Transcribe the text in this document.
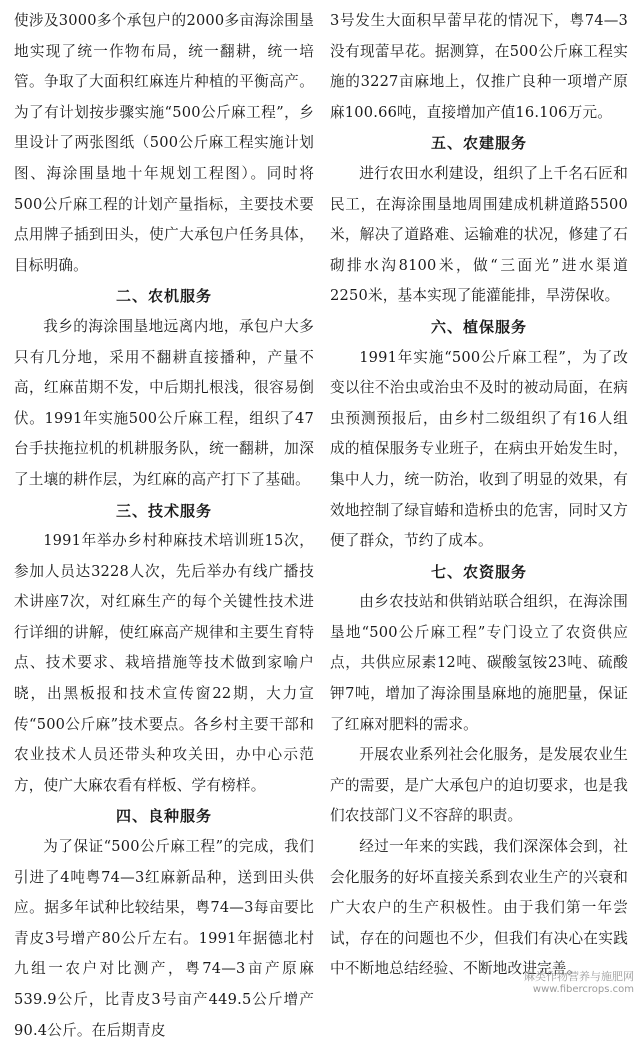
使涉及3000多个承包户的2000多亩海涂围垦地实现了统一作物布局，统一翻耕，统一培管。争取了大面积红麻连片种植的平衡高产。为了有计划按步骤实施“500公斤麻工程”，乡里设计了两张图纸（500公斤麻工程实施计划图、海涂围垦地十年规划工程图）。同时将500公斤麻工程的计划产量指标，主要技术要点用牌子插到田头，使广大承包户任务具体，目标明确。

二、农机服务

我乡的海涂围垦地远离内地，承包户大多只有几分地，采用不翻耕直接播种，产量不高，红麻苗期不发，中后期扎根浅，很容易倒伏。1991年实施500公斤麻工程，组织了47台手扶拖拉机的机耕服务队，统一翻耕，加深了土壤的耕作层，为红麻的高产打下了基础。

三、技术服务

1991年举办乡村种麻技术培训班15次，参加人员达3228人次，先后举办有线广播技术讲座7次，对红麻生产的每个关键性技术进行详细的讲解，使红麻高产规律和主要生育特点、技术要求、栽培措施等技术做到家喻户晓，出黑板报和技术宣传窗22期，大力宣传“500公斤麻”技术要点。各乡村主要干部和农业技术人员还带头种攻关田，办中心示范方，使广大麻农看有样板、学有榜样。

四、良种服务

为了保证“500公斤麻工程”的完成，我们引进了4吨粤74—3红麻新品种，送到田头供应。据多年试种比较结果，粤74—3每亩要比青皮3号增产80公斤左右。1991年据德北村九组一农户对比测产，粤74—3亩产原麻539.9公斤，比青皮3号亩产449.5公斤增产90.4公斤。在后期青皮

3号发生大面积早蕾早花的情况下，粤74—3没有现蕾早花。据测算，在500公斤麻工程实施的3227亩麻地上，仅推广良种一项增产原麻100.66吨，直接增加产值16.106万元。

五、农建服务

进行农田水利建设，组织了上千名石匠和民工，在海涂围垦地周围建成机耕道路5500米，解决了道路难、运输难的状况，修建了石砌排水沟8100米，做“三面光”进水渠道2250米，基本实现了能灌能排，旱涝保收。

六、植保服务

1991年实施“500公斤麻工程”，为了改变以往不治虫或治虫不及时的被动局面，在病虫预测预报后，由乡村二级组织了有16人组成的植保服务专业班子，在病虫开始发生时，集中人力，统一防治，收到了明显的效果，有效地控制了绿盲蝽和造桥虫的危害，同时又方便了群众，节约了成本。

七、农资服务

由乡农技站和供销站联合组织，在海涂围垦地“500公斤麻工程”专门设立了农资供应点，共供应尿素12吨、碳酸氢铵23吨、硫酸钾7吨，增加了海涂围垦麻地的施肥量，保证了红麻对肥料的需求。

开展农业系列社会化服务，是发展农业生产的需要，是广大承包户的迫切要求，也是我们农技部门义不容辞的职责。

经过一年来的实践，我们深深体会到，社会化服务的好坏直接关系到农业生产的兴衰和广大农户的生产积极性。由于我们第一年尝试，存在的问题也不少，但我们有决心在实践中不断地总结经验、不断地改进完善。

麻类作物营养与施肥网
www.fibercrops.com
